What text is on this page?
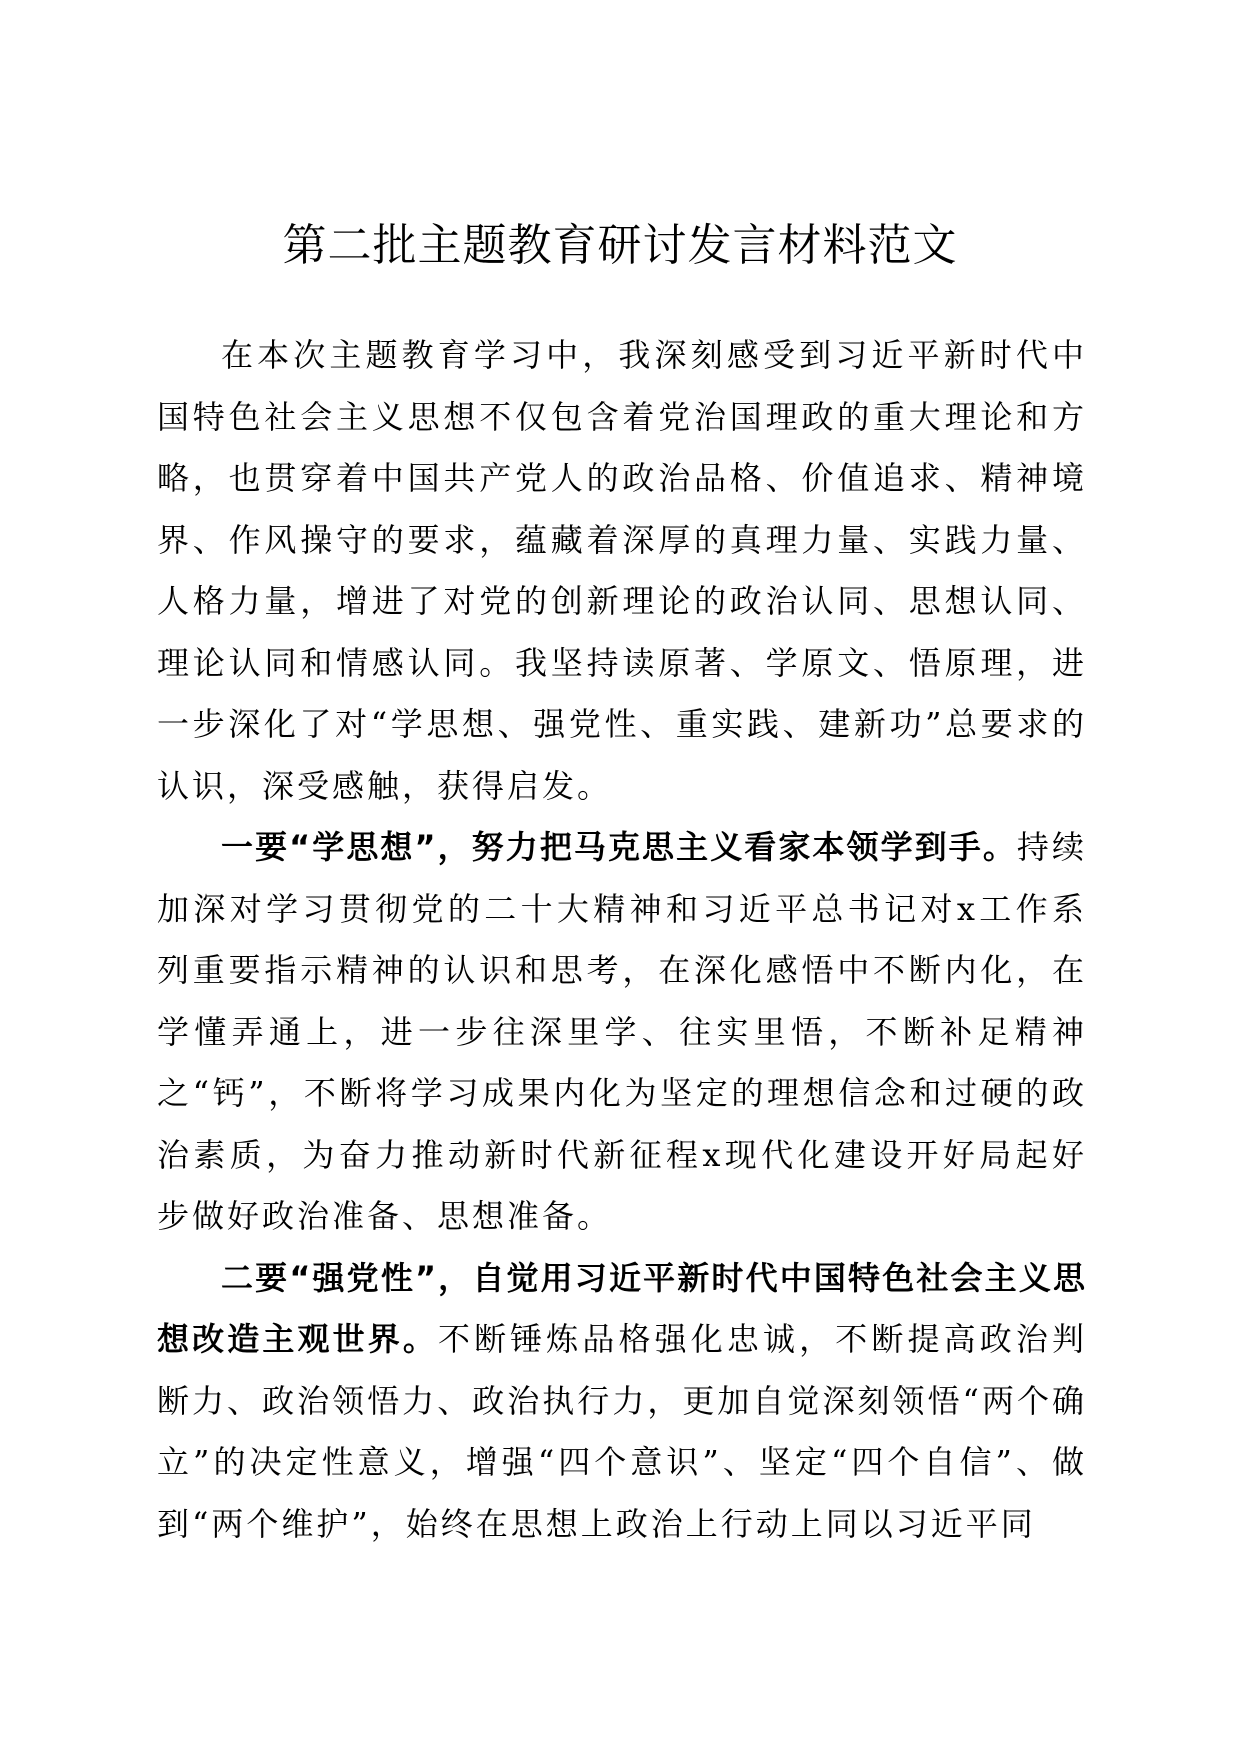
第二批主题教育研讨发言材料范文

在本次主题教育学习中，我深刻感受到习近平新时代中国特色社会主义思想不仅包含着党治国理政的重大理论和方略，也贯穿着中国共产党人的政治品格、价值追求、精神境界、作风操守的要求，蕴藏着深厚的真理力量、实践力量、人格力量，增进了对党的创新理论的政治认同、思想认同、理论认同和情感认同。我坚持读原著、学原文、悟原理，进一步深化了对“学思想、强党性、重实践、建新功”总要求的认识，深受感触，获得启发。

一要“学思想”，努力把马克思主义看家本领学到手。持续加深对学习贯彻党的二十大精神和习近平总书记对x工作系列重要指示精神的认识和思考，在深化感悟中不断内化，在学懂弄通上，进一步往深里学、往实里悟，不断补足精神之“钙”，不断将学习成果内化为坚定的理想信念和过硬的政治素质，为奋力推动新时代新征程x现代化建设开好局起好步做好政治准备、思想准备。

二要“强党性”，自觉用习近平新时代中国特色社会主义思想改造主观世界。不断锤炼品格强化忠诚，不断提高政治判断力、政治领悟力、政治执行力，更加自觉深刻领悟“两个确立”的决定性意义，增强“四个意识”、坚定“四个自信”、做到“两个维护”，始终在思想上政治上行动上同以习近平同
